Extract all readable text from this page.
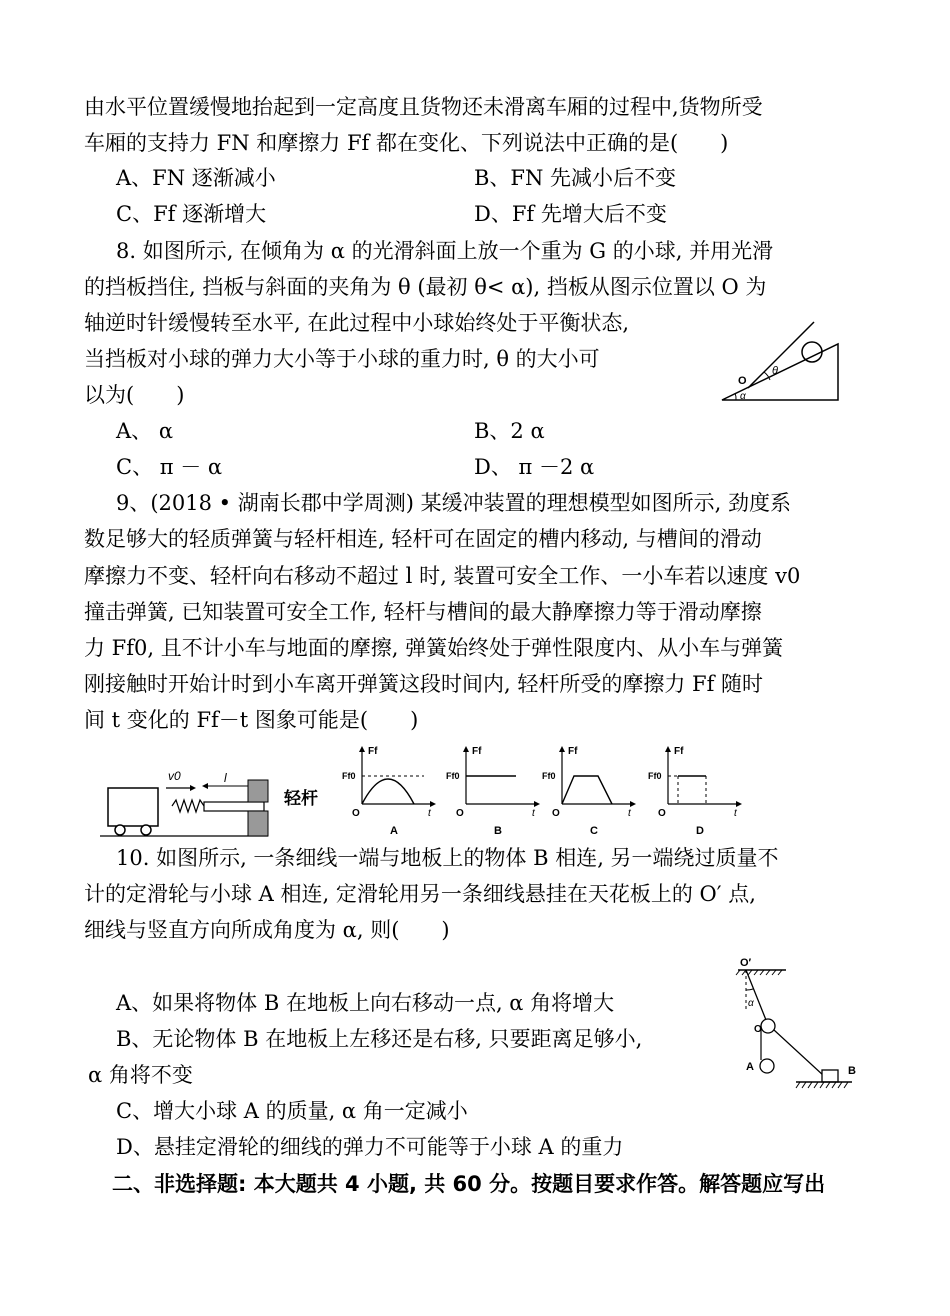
由水平位置缓慢地抬起到一定高度且货物还未滑离车厢的过程中,货物所受
车厢的支持力 FN 和摩擦力 Ff 都在变化、下列说法中正确的是(　　)
A、FN 逐渐减小	B、FN 先减小后不变
C、Ff 逐渐增大	D、Ff 先增大后不变
8. 如图所示, 在倾角为 α 的光滑斜面上放一个重为 G 的小球, 并用光滑
的挡板挡住, 挡板与斜面的夹角为 θ (最初 θ< α), 挡板从图示位置以 O 为
轴逆时针缓慢转至水平, 在此过程中小球始终处于平衡状态,
当挡板对小球的弹力大小等于小球的重力时, θ 的大小可
以为(　　)
A、 α	B、2 α
C、 π － α	D、 π －2 α
O
θ
α
9、(2018 • 湖南长郡中学周测) 某缓冲装置的理想模型如图所示, 劲度系
数足够大的轻质弹簧与轻杆相连, 轻杆可在固定的槽内移动, 与槽间的滑动
摩擦力不变、轻杆向右移动不超过 l 时, 装置可安全工作、一小车若以速度 v0
撞击弹簧, 已知装置可安全工作, 轻杆与槽间的最大静摩擦力等于滑动摩擦
力 Ff0, 且不计小车与地面的摩擦, 弹簧始终处于弹性限度内、从小车与弹簧
刚接触时开始计时到小车离开弹簧这段时间内, 轻杆所受的摩擦力 Ff 随时
间 t 变化的 Ff－t 图象可能是(　　)
v0	l
轻杆
Ff
Ff0
O	t
A
Ff
Ff0
O	t
B
Ff
Ff0
O	t
C
Ff
Ff0
O	t
D
10. 如图所示, 一条细线一端与地板上的物体 B 相连, 另一端绕过质量不
计的定滑轮与小球 A 相连, 定滑轮用另一条细线悬挂在天花板上的 O′ 点,
细线与竖直方向所成角度为 α, 则(　　)
A、如果将物体 B 在地板上向右移动一点, α 角将增大
B、无论物体 B 在地板上左移还是右移, 只要距离足够小,
α 角将不变
C、增大小球 A 的质量, α 角一定减小
D、悬挂定滑轮的细线的弹力不可能等于小球 A 的重力
O′
α
O
A	B
二、非选择题: 本大题共 4 小题, 共 60 分。按题目要求作答。解答题应写出
